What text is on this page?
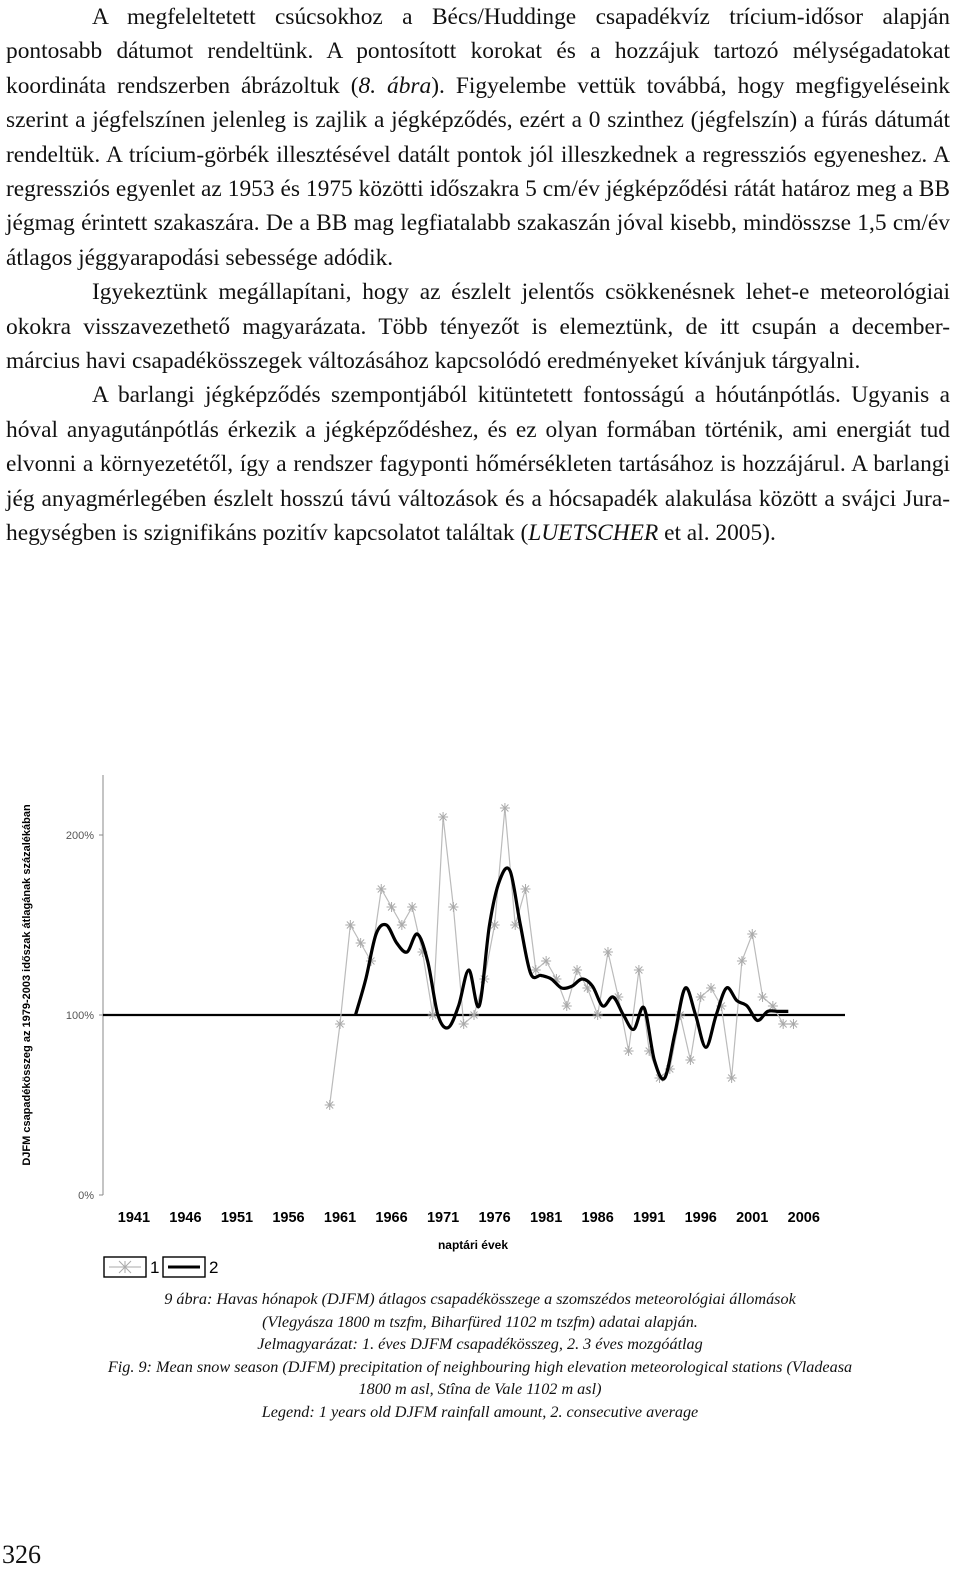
A megfeleltetett csúcsokhoz a Bécs/Huddinge csapadékvíz trícium-idősor alapján pontosabb dátumot rendeltünk. A pontosított korokat és a hozzájuk tartozó mélységadatokat koordináta rendszerben ábrázoltuk (8. ábra). Figyelembe vettük továbbá, hogy megfigyeléseink szerint a jégfelszínen jelenleg is zajlik a jégképződés, ezért a 0 szinthez (jégfelszín) a fúrás dátumát rendeltük. A trícium-görbék illesztésével datált pontok jól illeszkednek a regressziós egyeneshez. A regressziós egyenlet az 1953 és 1975 közötti időszakra 5 cm/év jégképződési rátát határoz meg a BB jégmag érintett szakaszára. De a BB mag legfiatalabb szakaszán jóval kisebb, mindösszse 1,5 cm/év átlagos jéggyarapodási sebessége adódik.

Igyekeztünk megállapítani, hogy az észlelt jelentős csökkenésnek lehet-e meteorológiai okokra visszavezethető magyarázata. Több tényezőt is elemeztünk, de itt csupán a december-március havi csapadékösszegek változásához kapcsolódó eredményeket kívánjuk tárgyalni.

A barlangi jégképződés szempontjából kitüntetett fontosságú a hóutánpótlás. Ugyanis a hóval anyagutánpótlás érkezik a jégképződéshez, és ez olyan formában történik, ami energiát tud elvonni a környezetétől, így a rendszer fagyponti hőmérsékleten tartásához is hozzájárul. A barlangi jég anyagmérlegében észlelt hosszú távú változások és a hócsapadék alakulása között a svájci Jura-hegységben is szignifikáns pozitív kapcsolatot találtak (LUETSCHER et al. 2005).

DJFM csapadékösszeg az 1979-2003 időszak átlagának százalékában
0%
100%
200%
1941 1946 1951 1956 1961 1966 1971 1976 1981 1986 1991 1996 2001 2006
naptári évek
1	2
9 ábra: Havas hónapok (DJFM) átlagos csapadékösszege a szomszédos meteorológiai állomások
(Vlegyásza 1800 m tszfm, Biharfüred 1102 m tszfm) adatai alapján.
Jelmagyarázat: 1. éves DJFM csapadékösszeg, 2. 3 éves mozgóátlag
Fig. 9: Mean snow season (DJFM) precipitation of neighbouring high elevation meteorological stations (Vladeasa
1800 m asl, Stîna de Vale 1102 m asl)
Legend: 1 years old DJFM rainfall amount, 2. consecutive average
326
